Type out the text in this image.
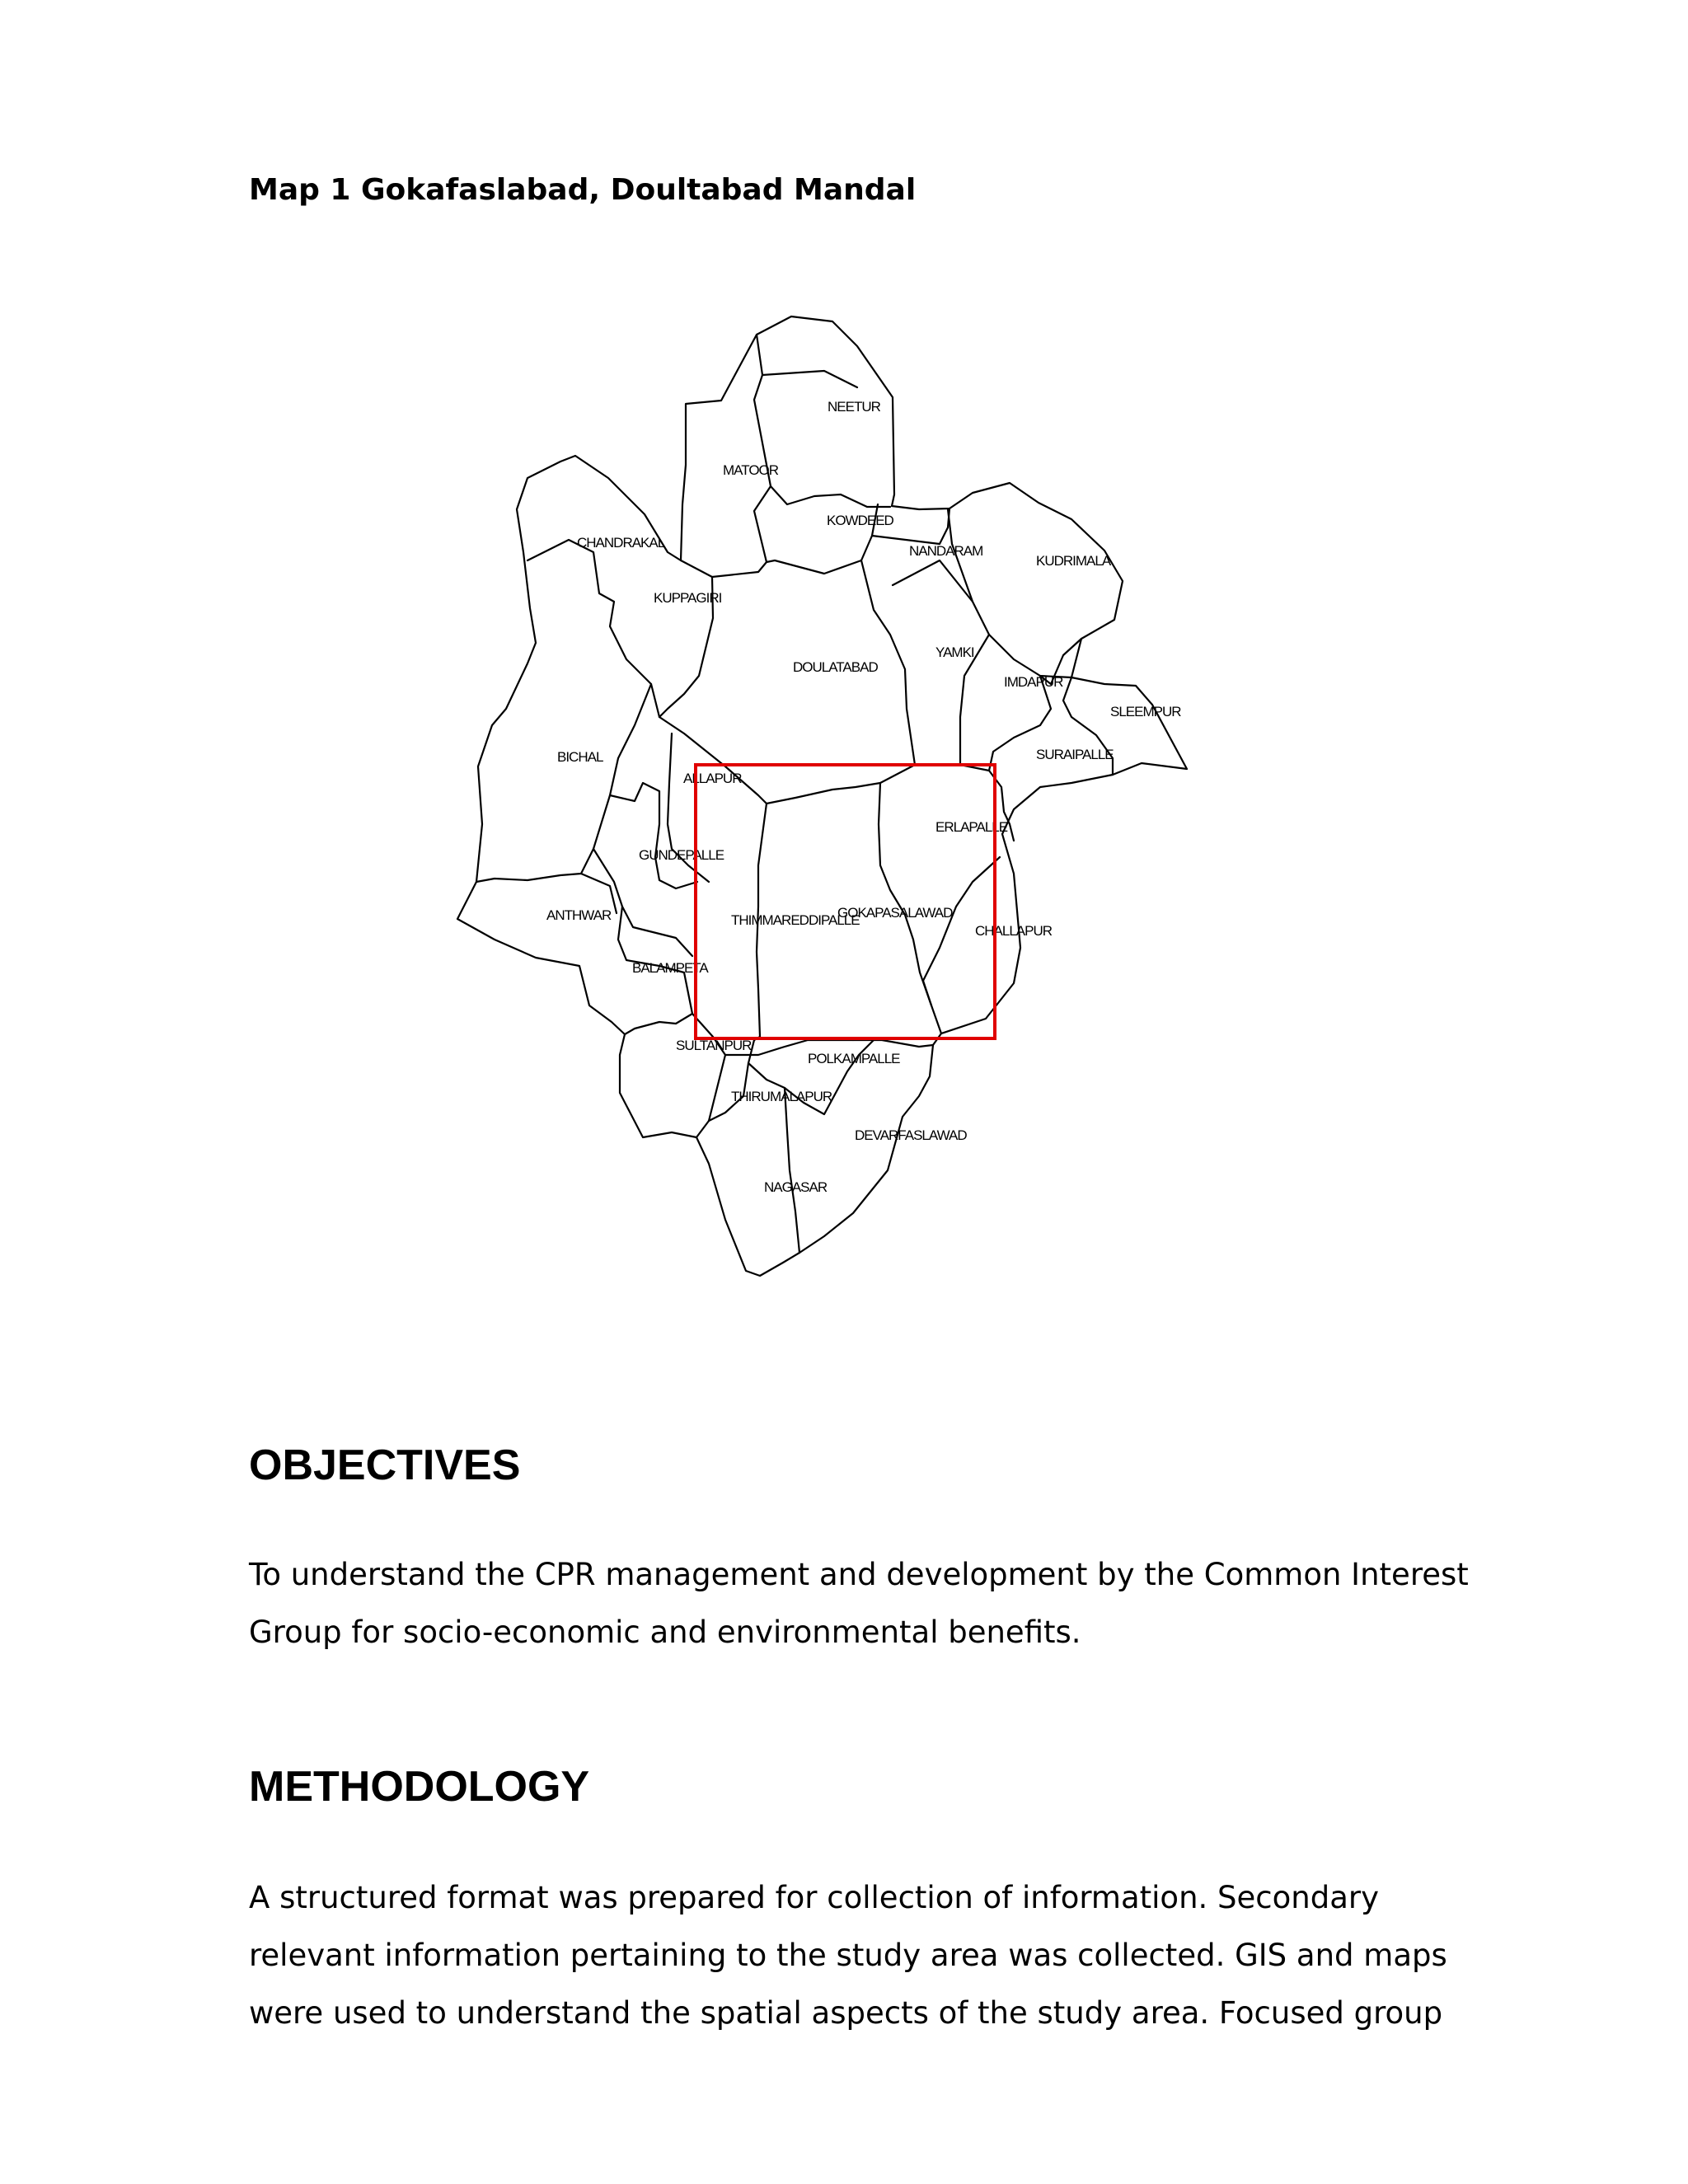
Map 1 Gokafaslabad, Doultabad Mandal
NEETUR
MATOOR
KOWDEED
NANDARAM
KUDRIMALA
CHANDRAKAL
KUPPAGIRI
DOULATABAD
YAMKI
IMDAPUR
SLEEMPUR
SURAIPALLE
BICHAL
ALLAPUR
ERLAPALLE
GUNDEPALLE
ANTHWAR	THIMMAREDDIPALLE
GOKAPASALAWAD
CHALLAPUR
BALAMPETA
SULTANPUR
POLKAMPALLE
THIRUMALAPUR
DEVARFASLAWAD
NAGASAR
OBJECTIVES
To understand the CPR management and development by the Common Interest
Group for socio-economic and environmental benefits.
METHODOLOGY
A structured format was prepared for collection of information. Secondary
relevant information pertaining to the study area was collected. GIS and maps
were used to understand the spatial aspects of the study area. Focused group
